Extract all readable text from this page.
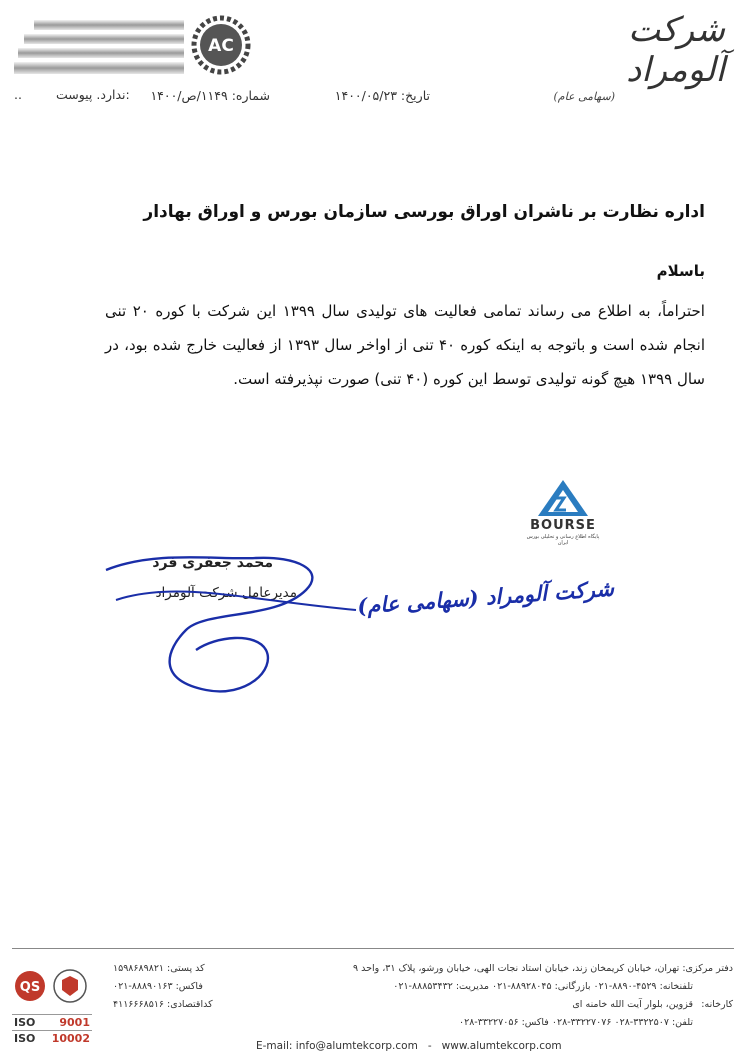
AC	شرکت آلومراد
(سهامی عام)
تاریخ: ۱۴۰۰/۰۵/۲۳
شماره: ۱۱۴۹/ص/۱۴۰۰
..ندارد. پیوست:
اداره نظارت بر ناشران اوراق بورسی سازمان بورس و اوراق بهادار
باسلام

احتراماً، به اطلاع می رساند تمامی فعالیت های تولیدی سال ۱۳۹۹ این شرکت با کوره ۲۰ تنی انجام شده است و باتوجه به اینکه کوره ۴۰ تنی از اواخر سال ۱۳۹۳ از فعالیت خارج شده بود، در سال ۱۳۹۹ هیچ گونه تولیدی توسط این کوره (۴۰ تنی) صورت نپذیرفته است.

BOURSE
پایگاه اطلاع رسانی و تحلیلی بورس ایران
محمد جعفری فرد
مدیرعامل شرکت آلومراد	شرکت آلومراد (سهامی عام)
QS
ISO 9001
ISO 10002
دفتر مرکزی: تهران، خیابان کریمخان زند، خیابان استاد نجات الهی، خیابان ورشو، پلاک ۳۱، واحد ۹
کد پستی: ۱۵۹۸۶۸۹۸۲۱
تلفنخانه: ۴۵۲۹-۸۸۹۰-۰۲۱ بازرگانی: ۸۸۹۲۸۰۴۵-۰۲۱ مدیریت: ۸۸۸۵۳۴۳۲-۰۲۱
فاکس: ۸۸۸۹۰۱۶۳-۰۲۱
قزوین، بلوار آیت الله خامنه ای
کداقتصادی: ۴۱۱۶۶۶۸۵۱۶
تلفن: ۳۳۲۲۵۰۷-۰۲۸ ۳۳۲۲۷۰۷۶-۰۲۸ فاکس: ۳۳۲۲۷۰۵۶-۰۲۸
کارخانه:
E-mail: info@alumtekcorp.com   -   www.alumtekcorp.com
